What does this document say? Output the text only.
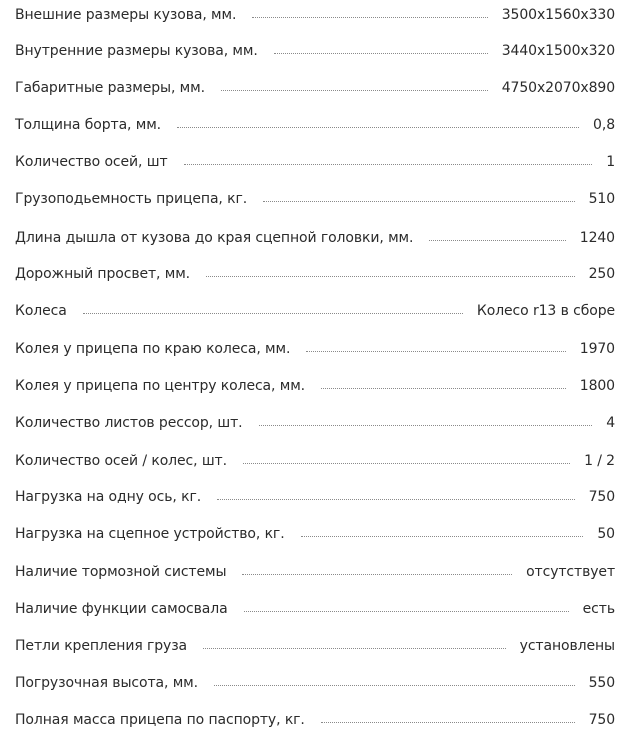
Внешние размеры кузова, мм.	3500х1560х330
Внутренние размеры кузова, мм.	3440х1500х320
Габаритные размеры, мм.	4750х2070х890
Толщина борта, мм.	0,8
Количество осей, шт	1
Грузоподьемность прицепа, кг.	510
Длина дышла от кузова до края сцепной головки, мм.	1240
Дорожный просвет, мм.	250
Колеса	Колесо r13 в сборе
Колея у прицепа по краю колеса, мм.	1970
Колея у прицепа по центру колеса, мм.	1800
Количество листов рессор, шт.	4
Количество осей / колес, шт.	1 / 2
Нагрузка на одну ось, кг.	750
Нагрузка на сцепное устройство, кг.	50
Наличие тормозной системы	отсутствует
Наличие функции самосвала	есть
Петли крепления груза	установлены
Погрузочная высота, мм.	550
Полная масса прицепа по паспорту, кг.	750
